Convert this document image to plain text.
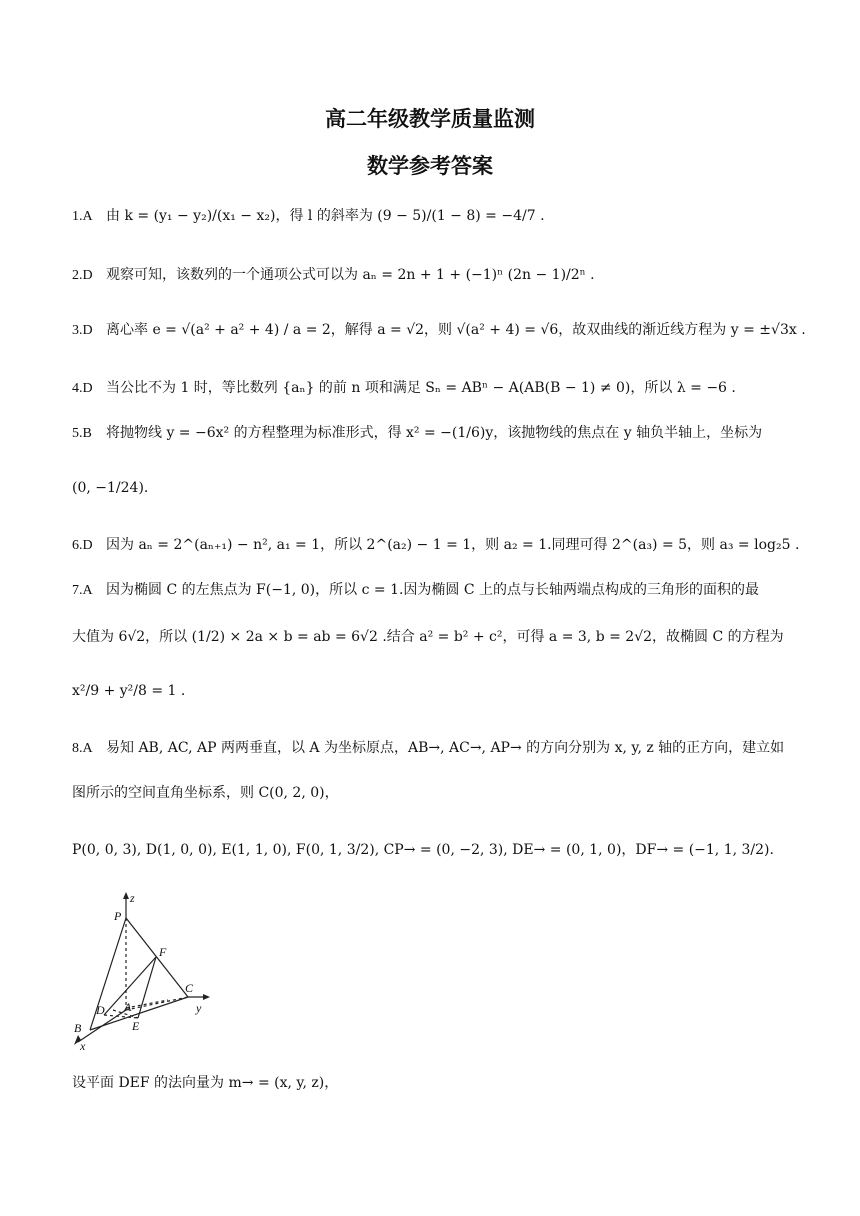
高二年级教学质量监测
数学参考答案
1.A 由 k = (y₁ − y₂)/(x₁ − x₂)，得 l 的斜率为 (9 − 5)/(1 − 8) = −4/7 .
2.D 观察可知，该数列的一个通项公式可以为 aₙ = 2n + 1 + (−1)ⁿ (2n − 1)/2ⁿ .
3.D 离心率 e = √(a² + a² + 4) / a = 2，解得 a = √2，则 √(a² + 4) = √6，故双曲线的渐近线方程为 y = ±√3x .
4.D 当公比不为 1 时，等比数列 {aₙ} 的前 n 项和满足 Sₙ = ABⁿ − A(AB(B − 1) ≠ 0)，所以 λ = −6 .
5.B 将抛物线 y = −6x² 的方程整理为标准形式，得 x² = −(1/6)y，该抛物线的焦点在 y 轴负半轴上，坐标为
(0, −1/24).
6.D 因为 aₙ = 2^(aₙ₊₁) − n², a₁ = 1，所以 2^(a₂) − 1 = 1，则 a₂ = 1.同理可得 2^(a₃) = 5，则 a₃ = log₂5 .
7.A 因为椭圆 C 的左焦点为 F(−1, 0)，所以 c = 1.因为椭圆 C 上的点与长轴两端点构成的三角形的面积的最
大值为 6√2，所以 (1/2) × 2a × b = ab = 6√2 .结合 a² = b² + c²，可得 a = 3, b = 2√2，故椭圆 C 的方程为
x²/9 + y²/8 = 1 .
8.A 易知 AB, AC, AP 两两垂直，以 A 为坐标原点，AB→, AC→, AP→ 的方向分别为 x, y, z 轴的正方向，建立如
图所示的空间直角坐标系，则 C(0, 2, 0)，
P(0, 0, 3), D(1, 0, 0), E(1, 1, 0), F(0, 1, 3/2), CP→ = (0, −2, 3), DE→ = (0, 1, 0)，DF→ = (−1, 1, 3/2).
z
P
F
C
y
D A
E
B
x
设平面 DEF 的法向量为 m→ = (x, y, z)，
